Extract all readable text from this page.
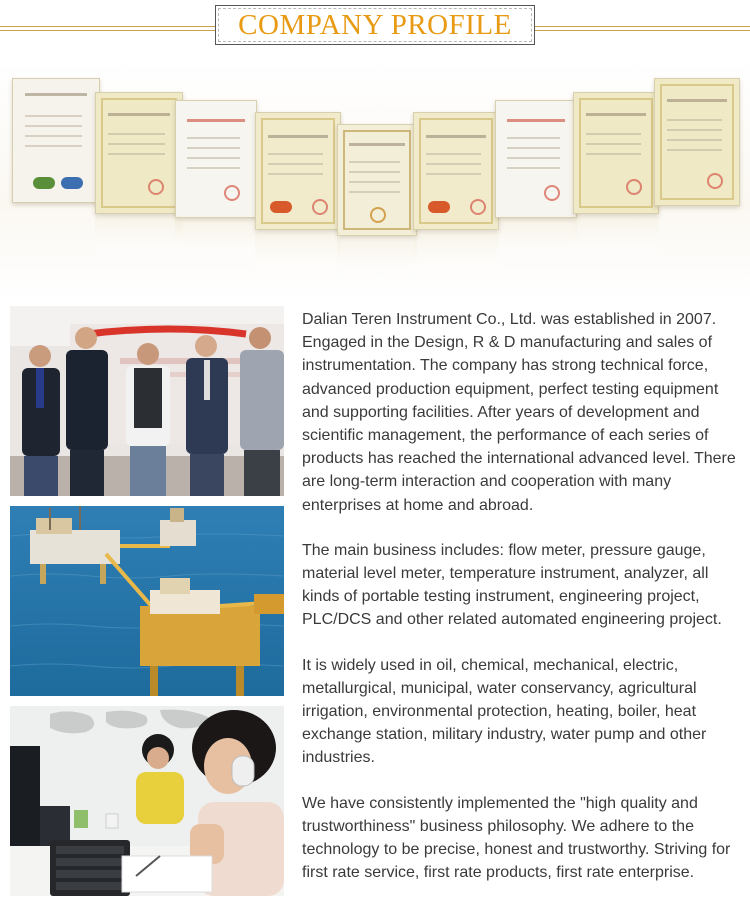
COMPANY PROFILE

Dalian Teren Instrument Co., Ltd. was established in 2007. Engaged in the Design, R & D manufacturing and sales of instrumentation. The company has strong technical force, advanced production equipment, perfect testing equipment and supporting facilities. After years of development and scientific management, the performance of each series of products has reached the international advanced level. There are long-term interaction and cooperation with many enterprises at home and abroad.

The main business includes: flow meter, pressure gauge, material level meter, temperature instrument, analyzer, all kinds of portable testing instrument, engineering project, PLC/DCS and other related automated engineering project.

It is widely used in oil, chemical, mechanical, electric, metallurgical, municipal, water conservancy, agricultural irrigation, environmental protection, heating, boiler, heat exchange station, military industry, water pump and other industries.

We have consistently implemented the "high quality and trustworthiness" business philosophy. We adhere to the technology to be precise, honest and trustworthy. Striving for first rate service, first rate products, first rate enterprise.
